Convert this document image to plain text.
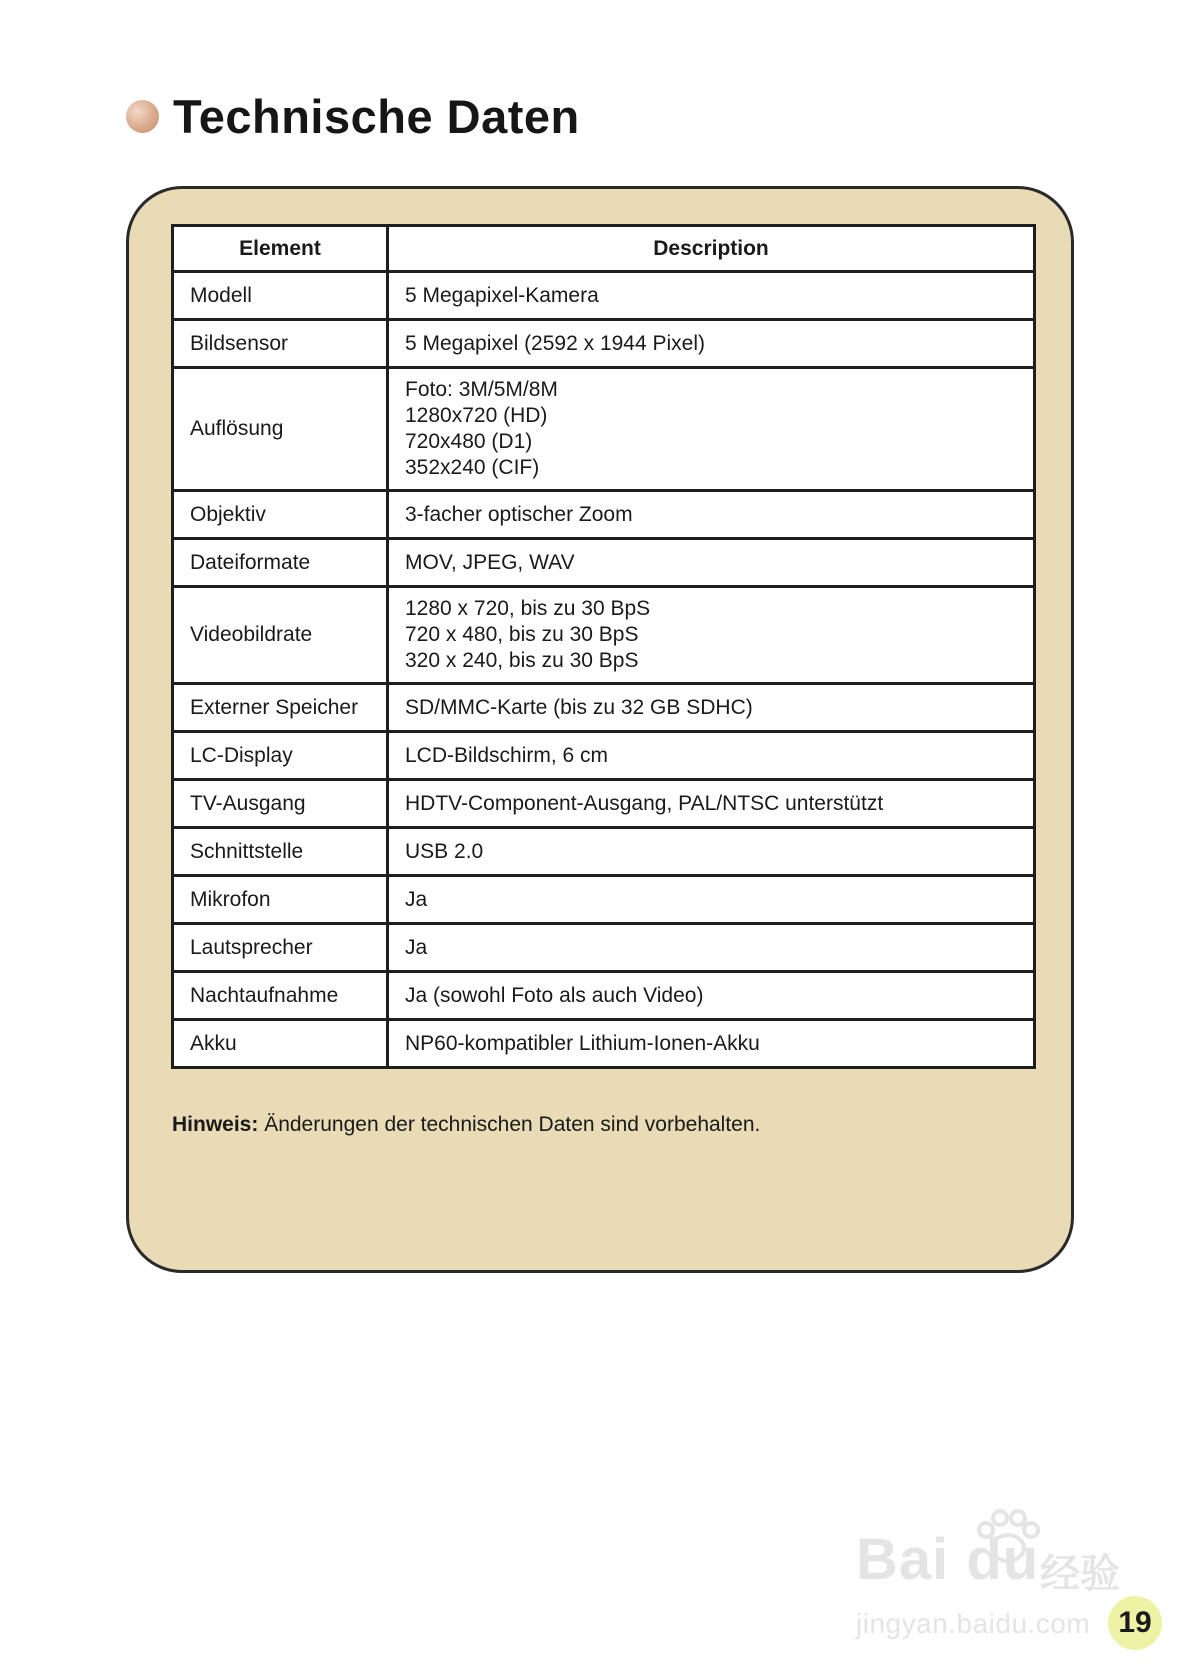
Technische Daten
Element	Description
Modell	5 Megapixel-Kamera

Bildsensor	5 Megapixel (2592 x 1944 Pixel)

Auflösung	Foto: 3M/5M/8M
1280x720 (HD)
720x480 (D1)
352x240 (CIF)

Objektiv	3-facher optischer Zoom

Dateiformate	MOV, JPEG, WAV

Videobildrate	1280 x 720, bis zu 30 BpS
720 x 480, bis zu 30 BpS
320 x 240, bis zu 30 BpS

Externer Speicher	SD/MMC-Karte (bis zu 32 GB SDHC)

LC-Display	LCD-Bildschirm, 6 cm

TV-Ausgang	HDTV-Component-Ausgang, PAL/NTSC unterstützt

Schnittstelle	USB 2.0

Mikrofon	Ja

Lautsprecher	Ja

Nachtaufnahme	Ja (sowohl Foto als auch Video)

Akku	NP60-kompatibler Lithium-Ionen-Akku
Hinweis: Änderungen der technischen Daten sind vorbehalten.
Bai du 经验
jingyan.baidu.com 19
